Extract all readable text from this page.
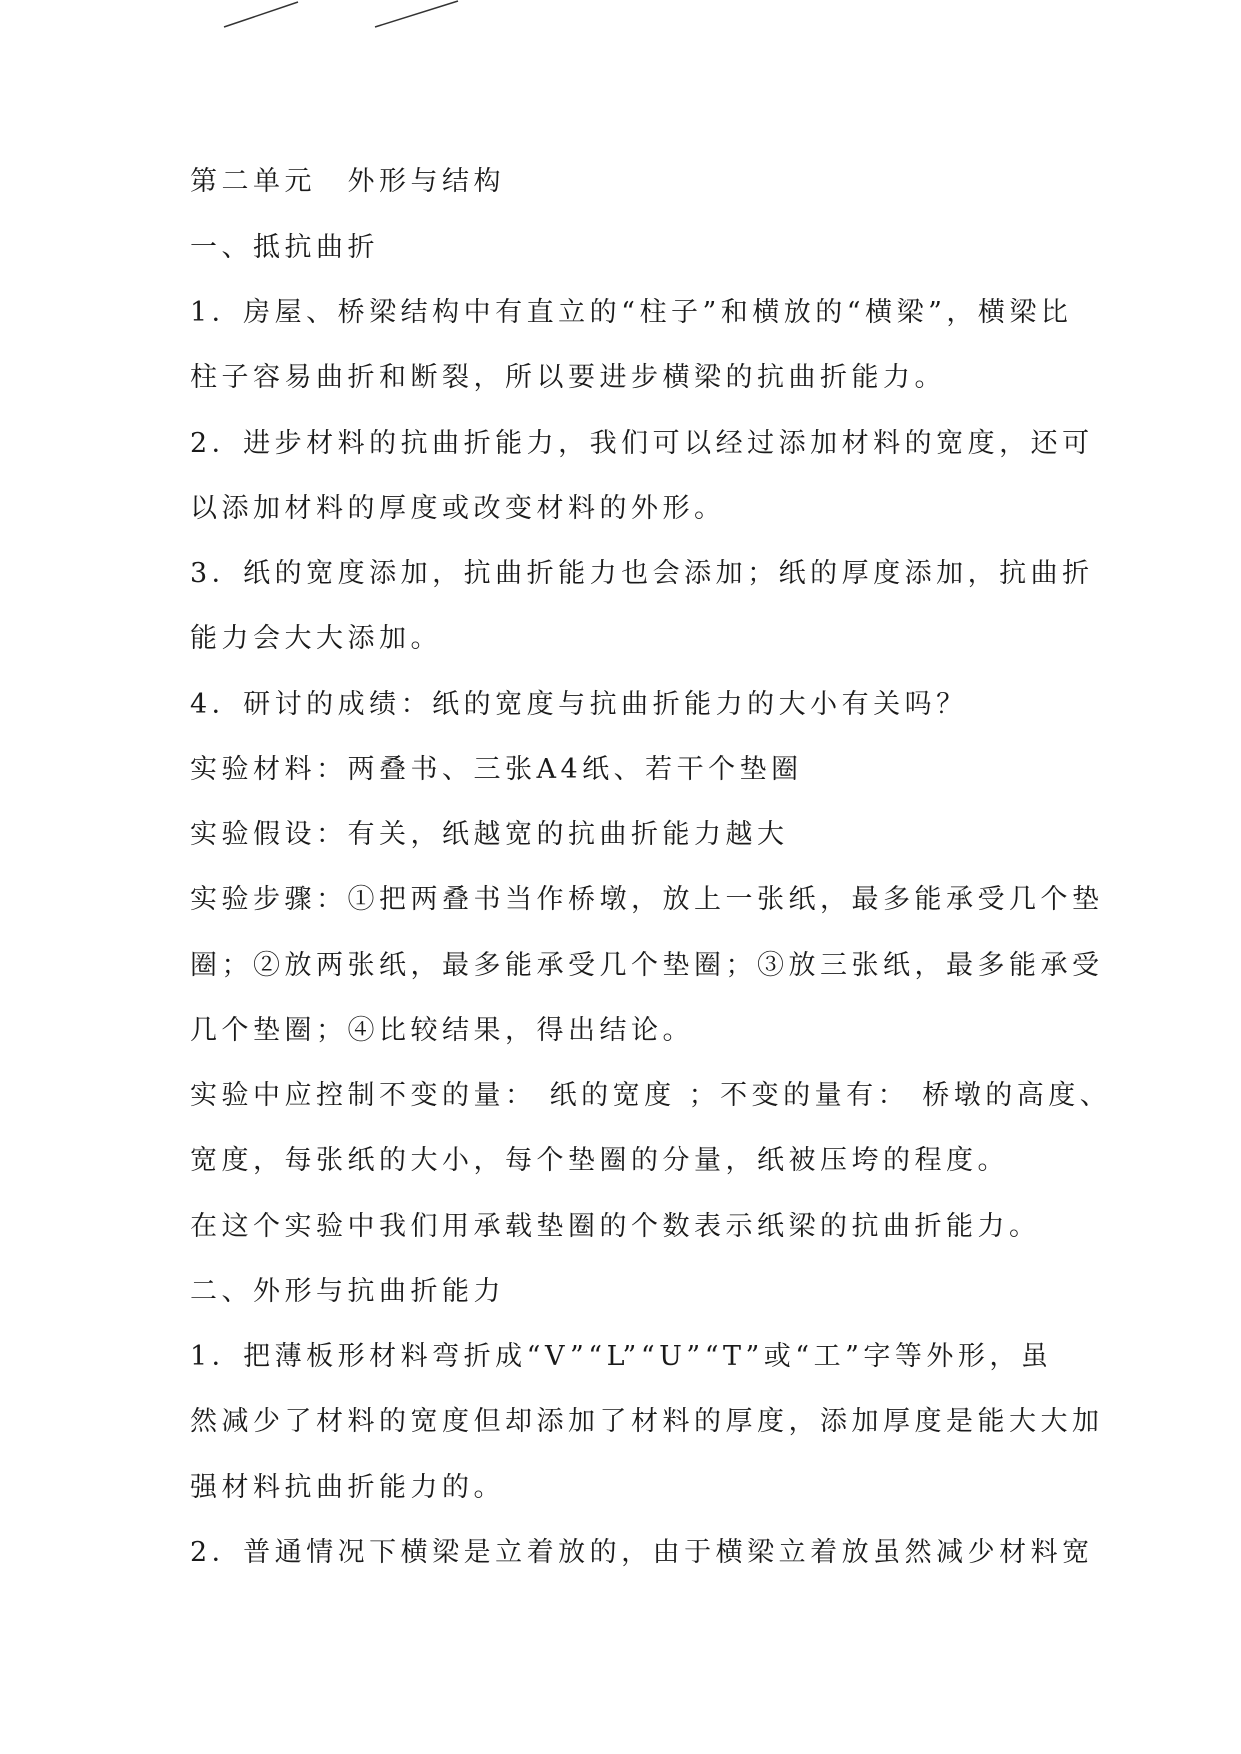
第二单元　外形与结构
一、抵抗曲折
1．房屋、桥梁结构中有直立的“柱子”和横放的“横梁”，横梁比
柱子容易曲折和断裂，所以要进步横梁的抗曲折能力。
2．进步材料的抗曲折能力，我们可以经过添加材料的宽度，还可
以添加材料的厚度或改变材料的外形。
3．纸的宽度添加，抗曲折能力也会添加；纸的厚度添加，抗曲折
能力会大大添加。
4．研讨的成绩：纸的宽度与抗曲折能力的大小有关吗？
实验材料：两叠书、三张A4纸、若干个垫圈
实验假设：有关，纸越宽的抗曲折能力越大
实验步骤：①把两叠书当作桥墩，放上一张纸，最多能承受几个垫
圈；②放两张纸，最多能承受几个垫圈；③放三张纸，最多能承受
几个垫圈；④比较结果，得出结论。
实验中应控制不变的量： 纸的宽度 ；不变的量有： 桥墩的高度、
宽度，每张纸的大小，每个垫圈的分量，纸被压垮的程度。
在这个实验中我们用承载垫圈的个数表示纸梁的抗曲折能力。
二、外形与抗曲折能力
1．把薄板形材料弯折成“V”“L”“U”“T”或“工”字等外形，虽
然减少了材料的宽度但却添加了材料的厚度，添加厚度是能大大加
强材料抗曲折能力的。
2．普通情况下横梁是立着放的，由于横梁立着放虽然减少材料宽
